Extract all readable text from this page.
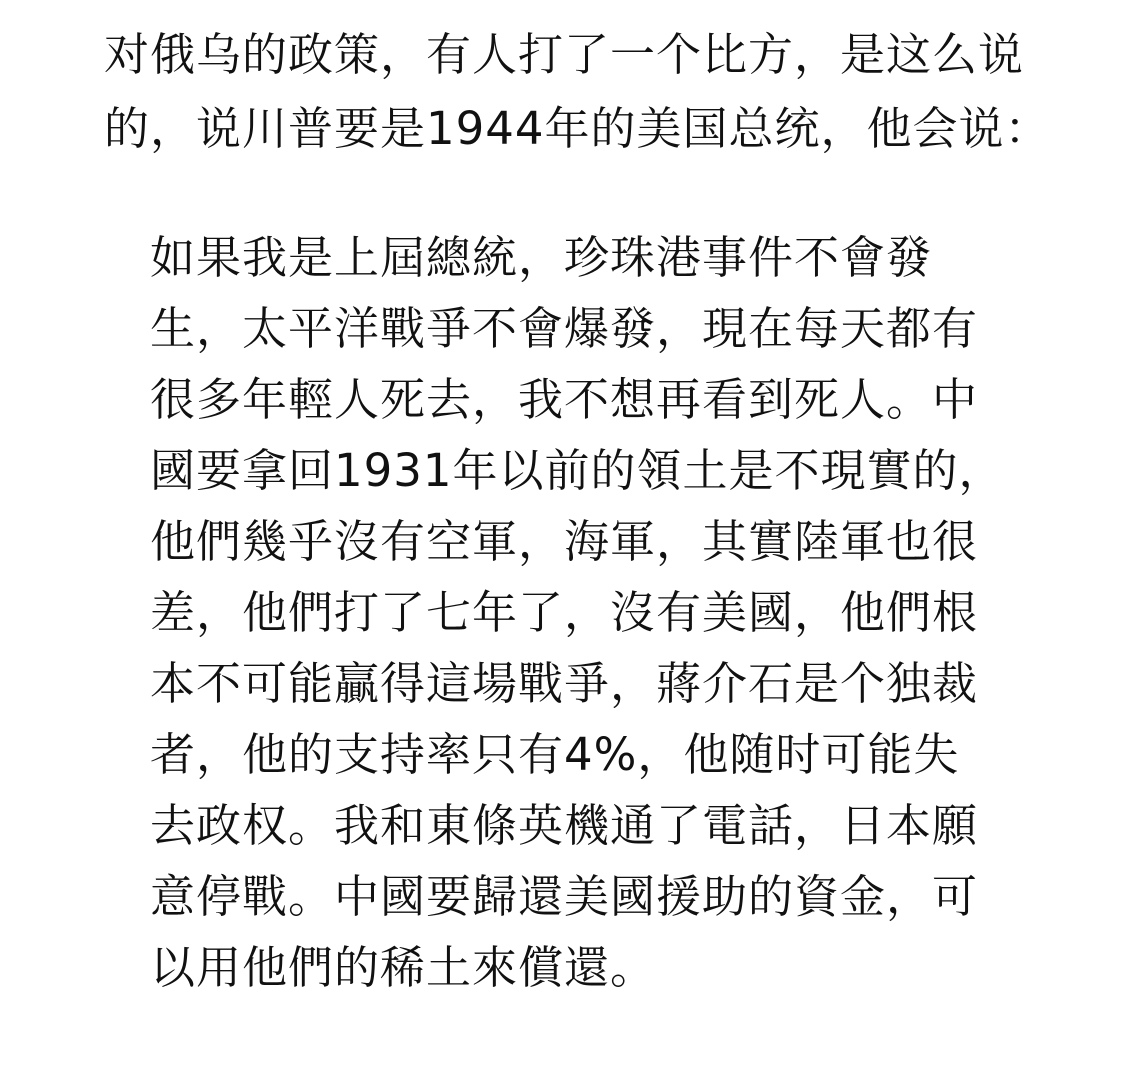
对俄乌的政策，有人打了一个比方，是这么说
的，说川普要是1944年的美国总统，他会说：
如果我是上屆總統，珍珠港事件不會發
生，太平洋戰爭不會爆發，現在每天都有
很多年輕人死去，我不想再看到死人。中
國要拿回1931年以前的領土是不現實的，
他們幾乎沒有空軍，海軍，其實陸軍也很
差，他們打了七年了，沒有美國，他們根
本不可能贏得這場戰爭，蔣介石是个独裁
者，他的支持率只有4%，他随时可能失
去政权。我和東條英機通了電話，日本願
意停戰。中國要歸還美國援助的資金，可
以用他們的稀土來償還。
